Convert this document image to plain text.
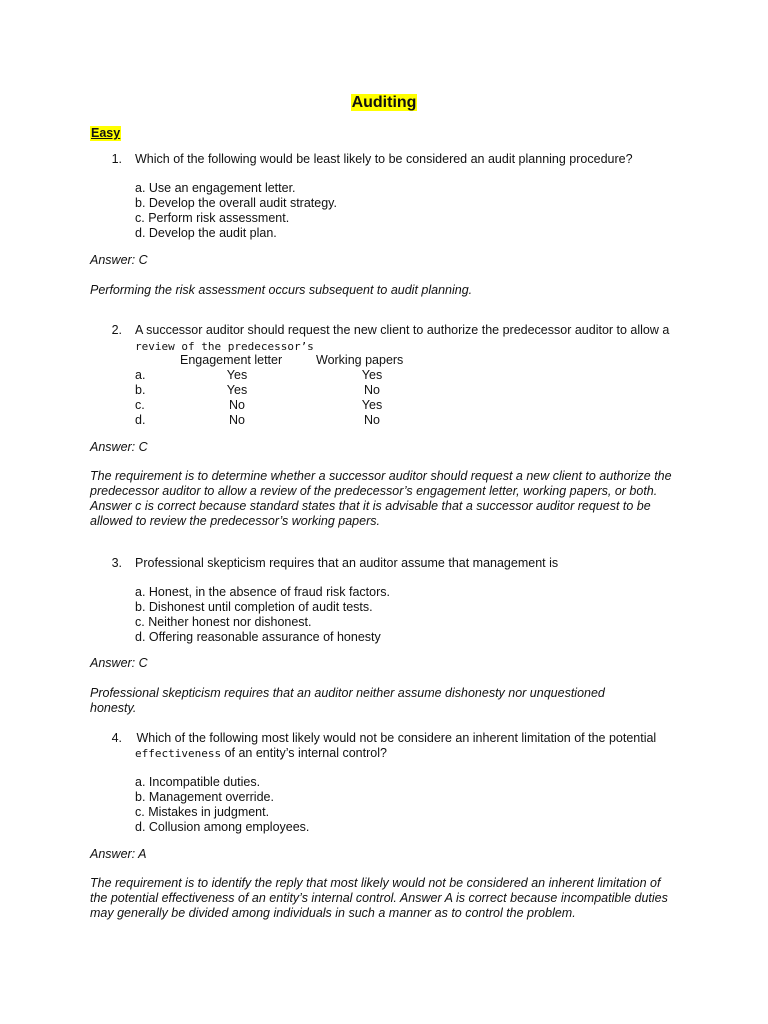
Auditing
Easy
1. Which of the following would be least likely to be considered an audit planning procedure?
a. Use an engagement letter.
b. Develop the overall audit strategy.
c. Perform risk assessment.
d. Develop the audit plan.
Answer: C
Performing the risk assessment occurs subsequent to audit planning.
2. A successor auditor should request the new client to authorize the predecessor auditor to allow a
review of the predecessor’s
Engagement letter	Working papers
a.	Yes	Yes
b.	Yes	No
c.	No	Yes
d.	No	No
Answer: C
The requirement is to determine whether a successor auditor should request a new client to authorize the
predecessor auditor to allow a review of the predecessor’s engagement letter, working papers, or both.
Answer c is correct because standard states that it is advisable that a successor auditor request to be
allowed to review the predecessor’s working papers.
3. Professional skepticism requires that an auditor assume that management is
a. Honest, in the absence of fraud risk factors.
b. Dishonest until completion of audit tests.
c. Neither honest nor dishonest.
d. Offering reasonable assurance of honesty
Answer: C
Professional skepticism requires that an auditor neither assume dishonesty nor unquestioned
honesty.
4. Which of the following most likely would not be considere an inherent limitation of the potential
effectiveness of an entity’s internal control?
a. Incompatible duties.
b. Management override.
c. Mistakes in judgment.
d. Collusion among employees.
Answer: A
The requirement is to identify the reply that most likely would not be considered an inherent limitation of
the potential effectiveness of an entity’s internal control. Answer A is correct because incompatible duties
may generally be divided among individuals in such a manner as to control the problem.
